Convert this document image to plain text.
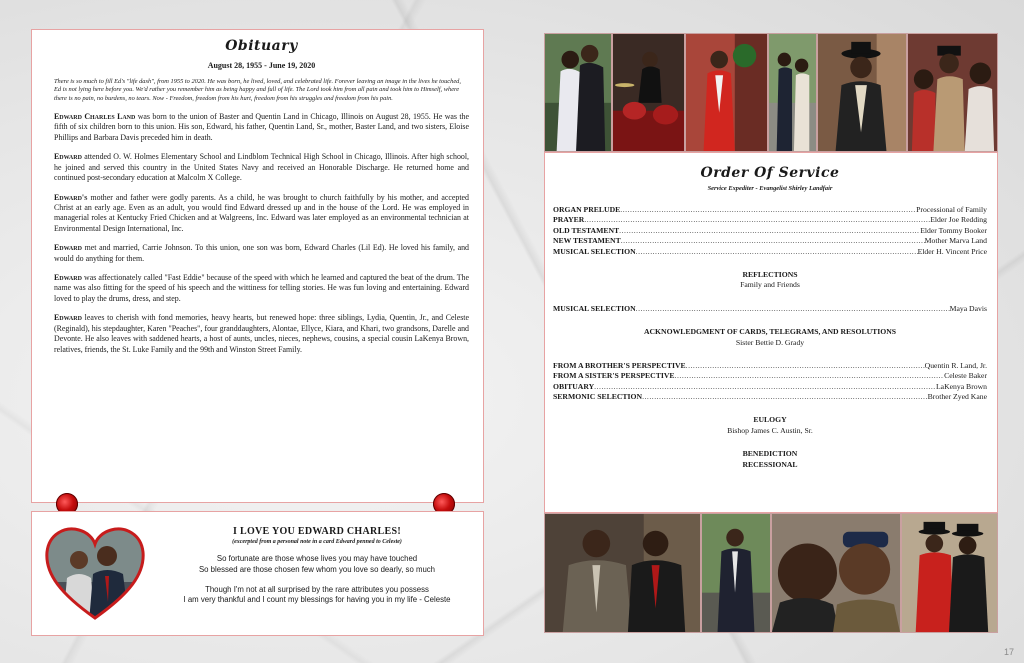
Obituary
August 28, 1955 - June 19, 2020
There is so much to fill Ed's "life dash", from 1955 to 2020. He was born, he lived, loved, and celebrated life. Forever leaving an image in the lives he touched, Ed is not lying here before you. We'd rather you remember him as being happy and full of life. The Lord took him from all pain and took him to Himself, where there is no pain, no burdens, no tears. Now - Freedom, freedom from his hurt, freedom from his struggles and freedom from his pain.
Edward Charles Land was born to the union of Baster and Quentin Land in Chicago, Illinois on August 28, 1955. He was the fifth of six children born to this union. His son, Edward, his father, Quentin Land, Sr., mother, Baster Land, and two sisters, Eloise Phillips and Barbara Davis preceded him in death.
Edward attended O. W. Holmes Elementary School and Lindblom Technical High School in Chicago, Illinois. After high school, he joined and served this country in the United States Navy and received an Honorable Discharge. He returned home and continued post-secondary education at Malcolm X College.
Edward's mother and father were godly parents. As a child, he was brought to church faithfully by his mother, and accepted Christ at an early age. Even as an adult, you would find Edward dressed up and in the house of the Lord. He was employed in managerial roles at Kentucky Fried Chicken and at Walgreens, Inc. Edward was later employed as an environmental technician at Environmental Design International, Inc.
Edward met and married, Carrie Johnson. To this union, one son was born, Edward Charles (Lil Ed). He loved his family, and would do anything for them.
Edward was affectionately called "Fast Eddie" because of the speed with which he learned and captured the beat of the drum. The name was also fitting for the speed of his speech and the wittiness for telling stories. He was fun loving and entertaining. Edward loved to play the drums, dress, and step.
Edward leaves to cherish with fond memories, heavy hearts, but renewed hope: three siblings, Lydia, Quentin, Jr., and Celeste (Reginald), his stepdaughter, Karen "Peaches", four granddaughters, Alontae, Ellyce, Kiara, and Khari, two grandsons, Darelle and Devonte. He also leaves with saddened hearts, a host of aunts, uncles, nieces, nephews, cousins, a special cousin LaKenya Brown, relatives, friends, the St. Luke Family and the 99th and Winston Street Family.
I LOVE YOU EDWARD CHARLES!
(excerpted from a personal note in a card Edward penned to Celeste)
So fortunate are those whose lives you may have touched
So blessed are those chosen few whom you love so dearly, so much
Though I'm not at all surprised by the rare attributes you possess
I am very thankful and I count my blessings for having you in my life - Celeste
Order Of Service
Service Expediter - Evangelist Shirley Landfair
ORGAN PRELUDE .....	Processional of Family
PRAYER .....	Elder Joe Redding
OLD TESTAMENT .....	Elder Tommy Booker
NEW TESTAMENT .....	Mother Marva Land
MUSICAL SELECTION .....	Elder H. Vincent Price
REFLECTIONS
Family and Friends
MUSICAL SELECTION .....	Maya Davis
ACKNOWLEDGMENT OF CARDS, TELEGRAMS, AND RESOLUTIONS
Sister Bettie D. Grady
FROM A BROTHER'S PERSPECTIVE .....	Quentin R. Land, Jr.
FROM A SISTER'S PERSPECTIVE .....	Celeste Baker
OBITUARY .....	LaKenya Brown
SERMONIC SELECTION .....	Brother Zyed Kane
EULOGY
Bishop James C. Austin, Sr.
BENEDICTION
RECESSIONAL
17
